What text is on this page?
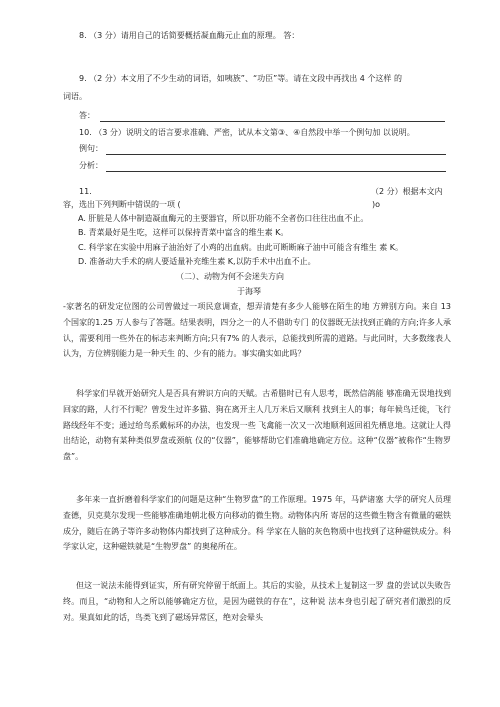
8. （3 分）请用自己的话简要概括凝血酶元止血的原理。 答：
9. （2 分）本文用了不少生动的词语，如咦族”、“功臣”等。请在文段中再找出 4 个这样 的
词语。
答：
10. （3 分）说明文的语言要求准确、严密，试从本文第③、④自然段中举一个例句加 以说明。
例句：
分析：
11.	（2 分）根据本文内
容，选出下列判断中错误的一项 (	)o
A. 肝脏是人体中制造凝血酶元的主要器官，所以肝功能不全者伤口往往出血不止。
B. 青菜最好是生吃，这样可以保持青菜中富含的维生素 K。
C. 科学家在实验中用麻子油治好了小鸡的出血病。由此可断断麻子油中可能含有维生 素 K。
D. 准备动大手术的病人要适量补充维生素 K,以防手术中出血不止。
（二）、动物为何不会迷失方向
于海琴
-家著名的研发定位图的公司曾做过一项民意调查，想弄清楚有多少人能够在陌生的地 方辨别方向。来自 13 个国家的1.25 万人参与了答题。结果表明，四分之一的人不借助专门 的仪器既无法找到正确的方向;许多人承认，需要利用一些外在的标志来判断方向;只有7% 的人表示，总能找到所需的道路。与此同时，大多数缘表人认为，方位辨别能力是一种天生 的、少有的能力。事实确实如此吗？
科学家们早就开始研究人是否具有辨识方向的天赋。古希腊时已有人思考，既然信鸽能 够准确无误地找到回家的路，人行不行呢？曾发生过许多猫、狗在离开主人几万米后又顺利 找到主人的事；每年候鸟迁徙，飞行路线经年不变；通过给鸟系戴标环的办法，也发现一些 飞禽能一次又一次地顺利返回祖先栖息地。这就让人得出结论，动物有某种类似罗盘或颈航 仪的“仪器”，能够帮助它们准确地确定方位。这种“仪器”被称作“生物罗盘”。
多年来一直折磨着科学家们的问题是这种“生物罗盘”的工作原理。1975 年，马萨诸塞 大学的研究人员理查德，贝克莫尔发现一些能够准确地朝北极方向移动的微生物。动物体内所 寄居的这些微生物含有微量的磁铁成分，随后在鸽子等许多动物体内都找到了这种成分。科 学家在人脑的灰色物质中也找到了这种磁铁成分。科学家认定，这种磁铁就是“生物罗盘” 的奥秘所在。
但这一说法未能得到证实，所有研究停留于纸面上。其后的实验，从技术上复制这一罗 盘的尝试以失败告终。而且，“动物和人之所以能够确定方位，是因为磁铁的存在”，这种说 法本身也引起了研究者们激烈的反对。果真如此的话，鸟类飞到了磁场异常区，绝对会晕头
